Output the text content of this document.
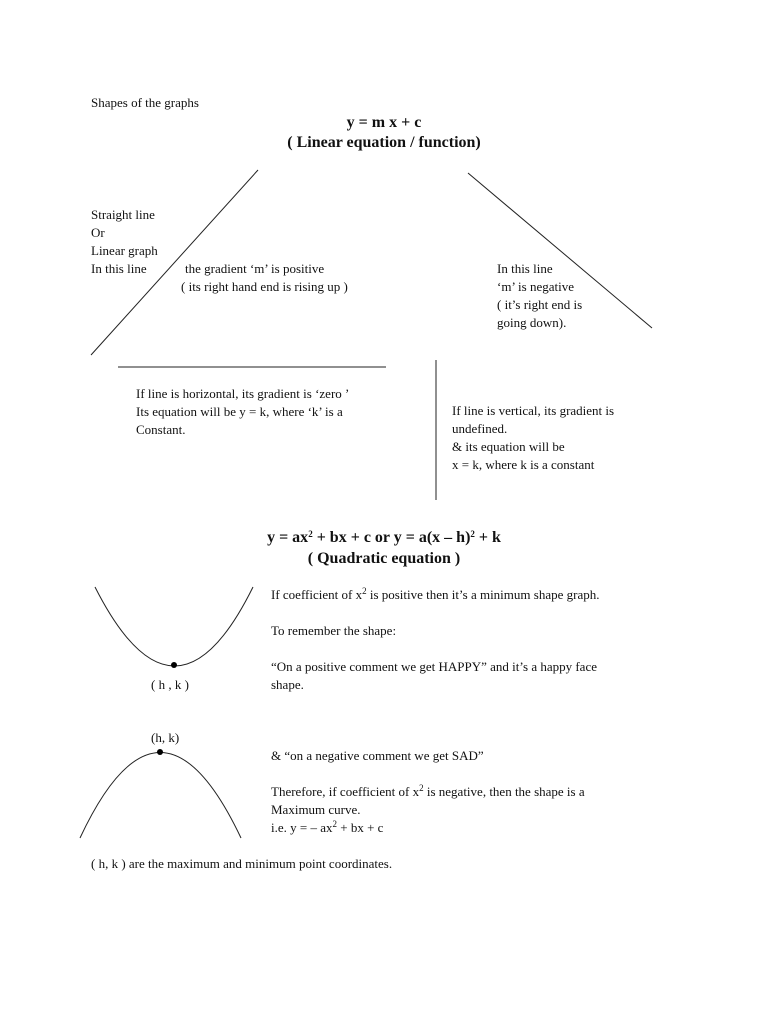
Shapes of the graphs
y = m x + c
( Linear equation / function)
Straight line
Or
Linear graph
In this line	the gradient ‘m’ is positive
( its right hand end is rising up )
In this line
‘m’ is negative
( it’s right end is
going down).
If line is horizontal, its gradient is ‘zero ’
Its equation will be y = k, where ‘k’ is a
Constant.
If line is vertical, its gradient is
undefined.
& its equation will be
x = k, where k is a constant
$y = ax^2$ + bx + c or y = a(x – h)$^2$ + k
( Quadratic equation )
( h , k )
(h, k)
If coefficient of $x^2$ is positive then it’s a minimum shape graph.
To remember the shape:
“On a positive comment we get HAPPY” and it’s a happy face
shape.
& “on a negative comment we get SAD”
Therefore, if coefficient of $x^2$ is negative, then the shape is a
Maximum curve.
i.e. y = – $ax^2$ + bx + c
( h, k ) are the maximum and minimum point coordinates.
